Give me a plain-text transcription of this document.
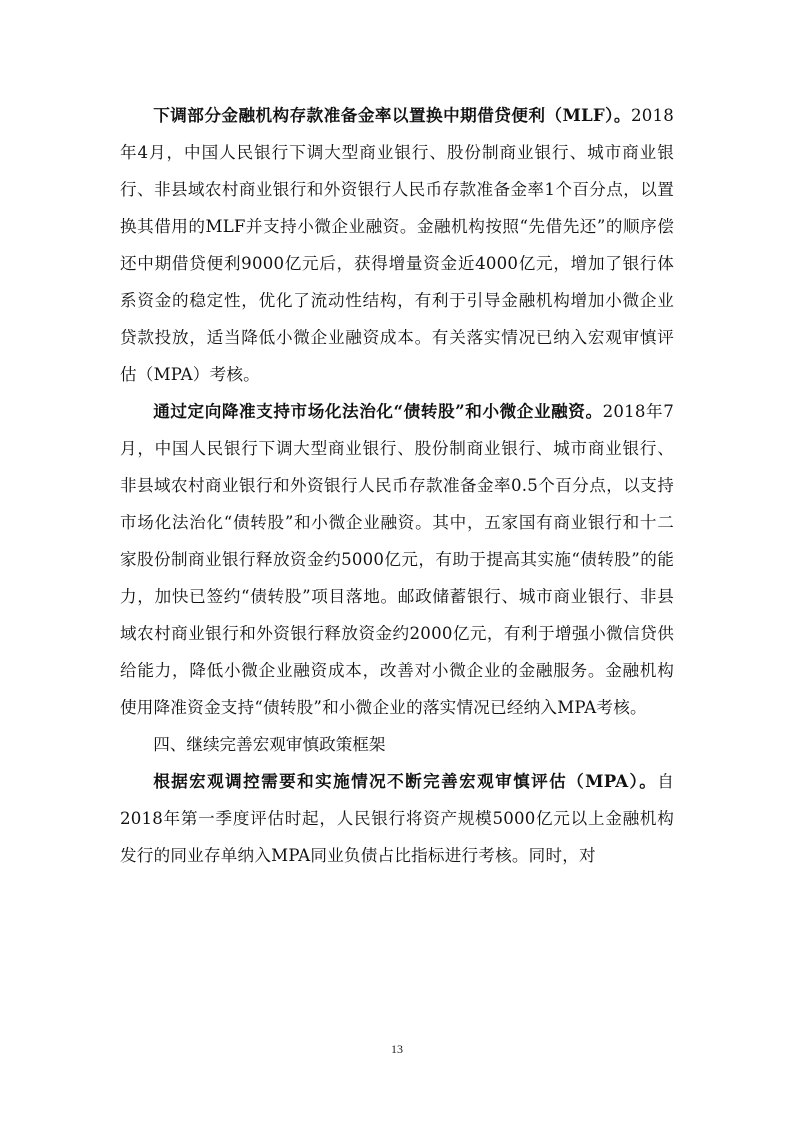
下调部分金融机构存款准备金率以置换中期借贷便利（MLF）。2018年4月，中国人民银行下调大型商业银行、股份制商业银行、城市商业银行、非县域农村商业银行和外资银行人民币存款准备金率1个百分点，以置换其借用的MLF并支持小微企业融资。金融机构按照“先借先还”的顺序偿还中期借贷便利9000亿元后，获得增量资金近4000亿元，增加了银行体系资金的稳定性，优化了流动性结构，有利于引导金融机构增加小微企业贷款投放，适当降低小微企业融资成本。有关落实情况已纳入宏观审慎评估（MPA）考核。

通过定向降准支持市场化法治化“债转股”和小微企业融资。2018年7月，中国人民银行下调大型商业银行、股份制商业银行、城市商业银行、非县域农村商业银行和外资银行人民币存款准备金率0.5个百分点，以支持市场化法治化“债转股”和小微企业融资。其中，五家国有商业银行和十二家股份制商业银行释放资金约5000亿元，有助于提高其实施“债转股”的能力，加快已签约“债转股”项目落地。邮政储蓄银行、城市商业银行、非县域农村商业银行和外资银行释放资金约2000亿元，有利于增强小微信贷供给能力，降低小微企业融资成本，改善对小微企业的金融服务。金融机构使用降准资金支持“债转股”和小微企业的落实情况已经纳入MPA考核。

四、继续完善宏观审慎政策框架

根据宏观调控需要和实施情况不断完善宏观审慎评估（MPA）。自2018年第一季度评估时起，人民银行将资产规模5000亿元以上金融机构发行的同业存单纳入MPA同业负债占比指标进行考核。同时，对

13
